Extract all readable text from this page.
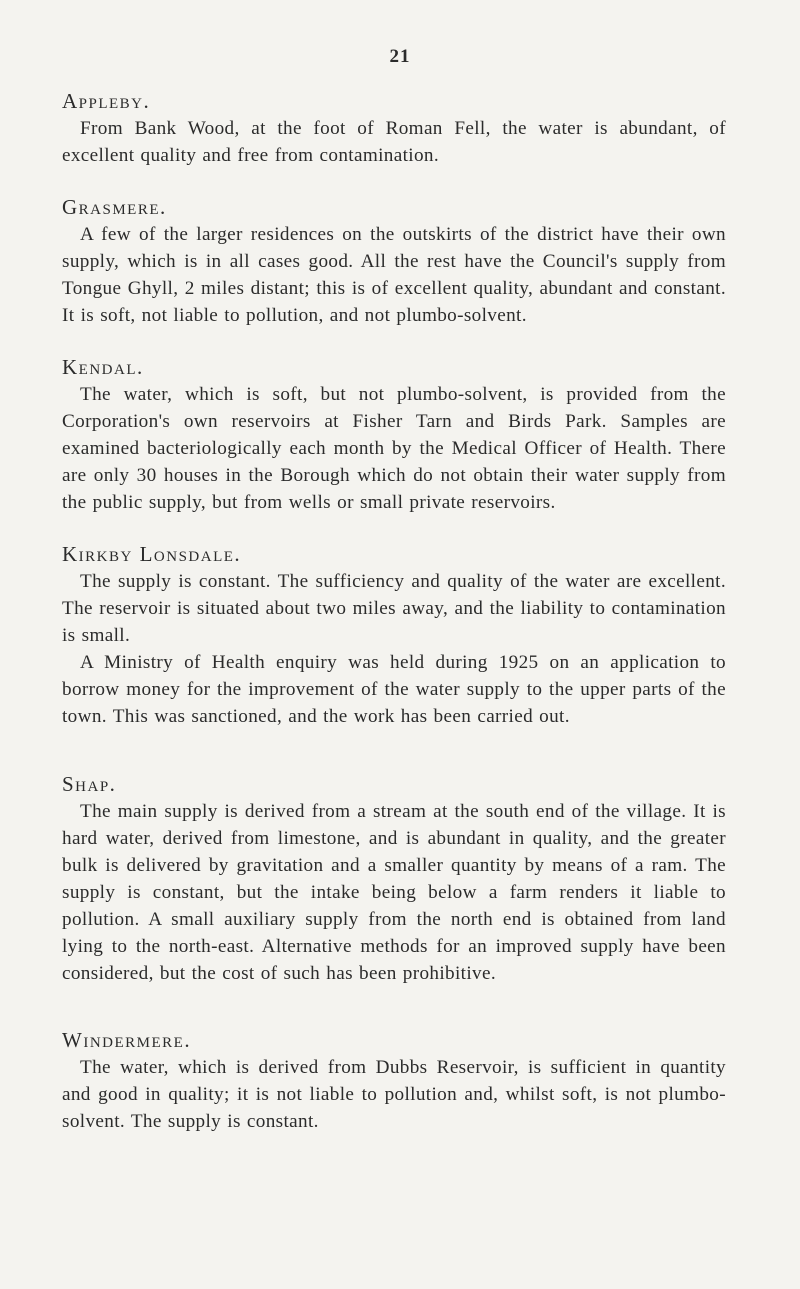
21
Appleby.

From Bank Wood, at the foot of Roman Fell, the water is abundant, of excellent quality and free from contamination.

Grasmere.

A few of the larger residences on the outskirts of the district have their own supply, which is in all cases good. All the rest have the Council's supply from Tongue Ghyll, 2 miles distant; this is of excellent quality, abundant and constant. It is soft, not liable to pollution, and not plumbo-solvent.

Kendal.

The water, which is soft, but not plumbo-solvent, is provided from the Corporation's own reservoirs at Fisher Tarn and Birds Park. Samples are examined bacteriologically each month by the Medical Officer of Health. There are only 30 houses in the Borough which do not obtain their water supply from the public supply, but from wells or small private reservoirs.

Kirkby Lonsdale.

The supply is constant. The sufficiency and quality of the water are excellent. The reservoir is situated about two miles away, and the liability to contamination is small.

A Ministry of Health enquiry was held during 1925 on an application to borrow money for the improvement of the water supply to the upper parts of the town. This was sanctioned, and the work has been carried out.

Shap.

The main supply is derived from a stream at the south end of the village. It is hard water, derived from limestone, and is abundant in quality, and the greater bulk is delivered by gravitation and a smaller quantity by means of a ram. The supply is constant, but the intake being below a farm renders it liable to pollution. A small auxiliary supply from the north end is obtained from land lying to the north-east. Alternative methods for an improved supply have been considered, but the cost of such has been prohibitive.

Windermere.

The water, which is derived from Dubbs Reservoir, is sufficient in quantity and good in quality; it is not liable to pollution and, whilst soft, is not plumbo-solvent. The supply is constant.
